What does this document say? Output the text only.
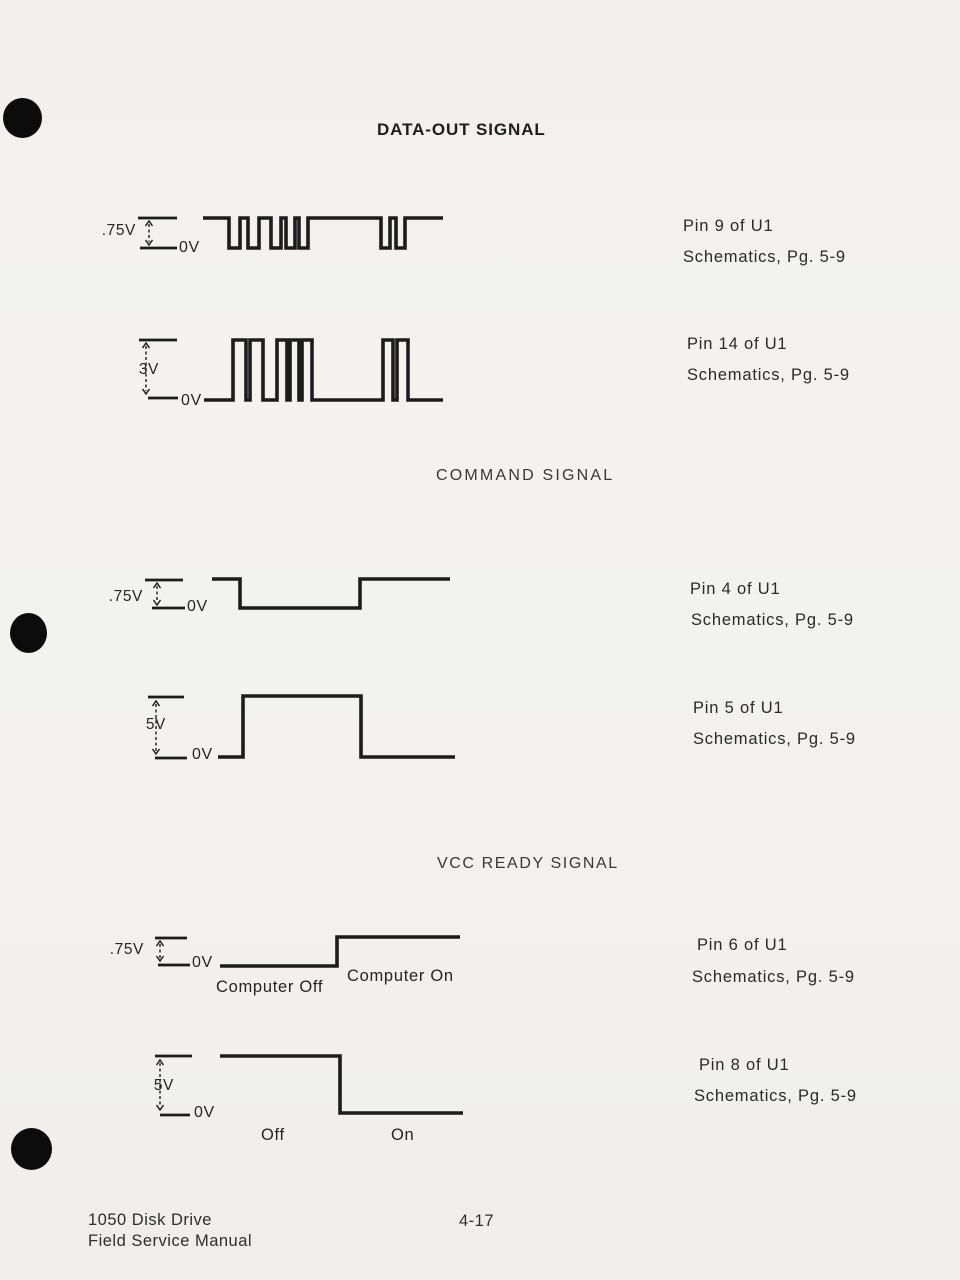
DATA-OUT SIGNAL
COMMAND SIGNAL
VCC READY SIGNAL
.75V
0V
Pin 9 of U1
Schematics, Pg. 5-9
3V
0V
Pin 14 of U1
Schematics, Pg. 5-9
.75V
0V
Pin 4 of U1
Schematics, Pg. 5-9
5V
0V
Pin 5 of U1
Schematics, Pg. 5-9
.75V
0V
Computer Off
Computer On
Pin 6 of U1
Schematics, Pg. 5-9
5V
0V
Off	On
Pin 8 of U1
Schematics, Pg. 5-9
1050 Disk Drive
Field Service Manual
4-17
